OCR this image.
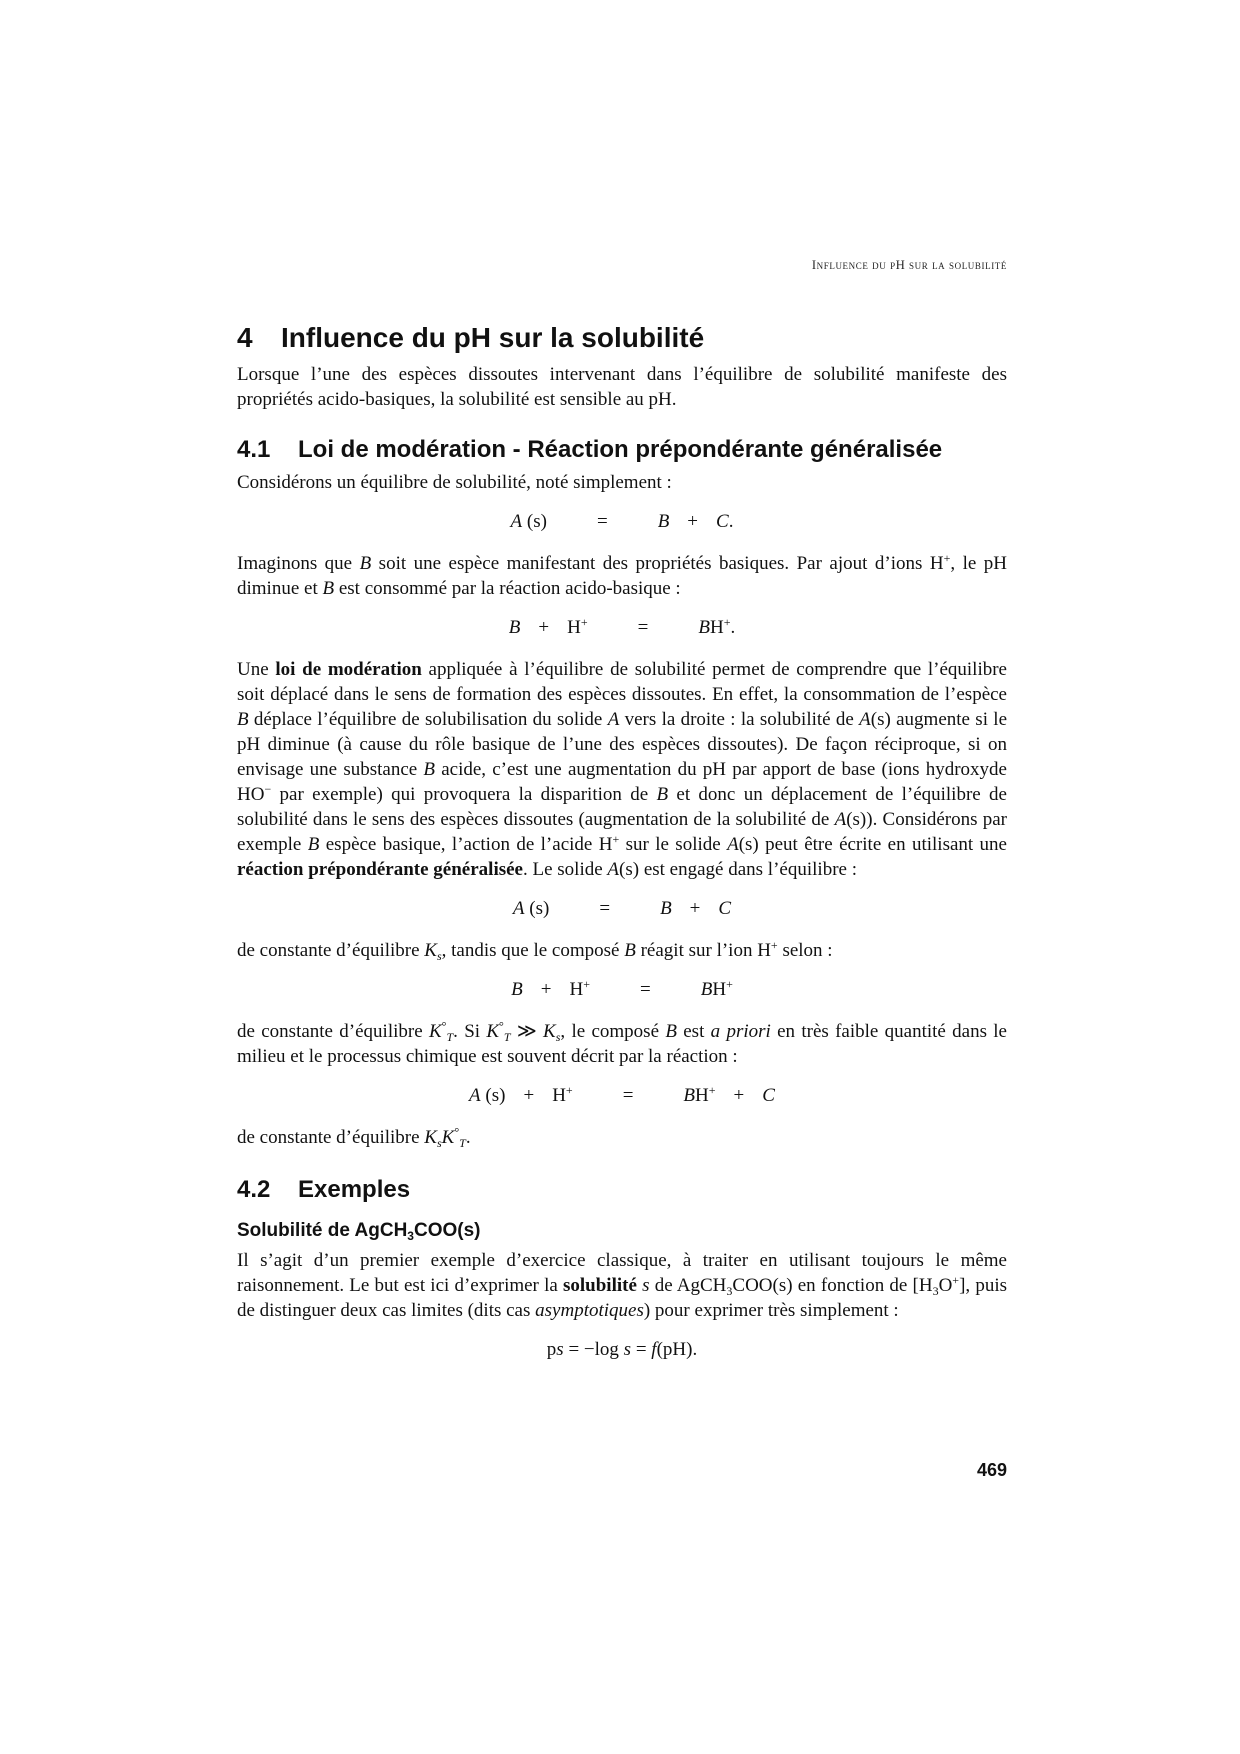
Influence du pH sur la solubilité
4 Influence du pH sur la solubilité

Lorsque l’une des espèces dissoutes intervenant dans l’équilibre de solubilité manifeste des propriétés acido-basiques, la solubilité est sensible au pH.

4.1 Loi de modération - Réaction prépondérante généralisée

Considérons un équilibre de solubilité, noté simplement :

A (s)	=	B + C.

Imaginons que B soit une espèce manifestant des propriétés basiques. Par ajout d’ions H+, le pH diminue et B est consommé par la réaction acido-basique :

B + H+	=	BH+.

Une loi de modération appliquée à l’équilibre de solubilité permet de comprendre que l’équilibre soit déplacé dans le sens de formation des espèces dissoutes. En effet, la consommation de l’espèce B déplace l’équilibre de solubilisation du solide A vers la droite : la solubilité de A(s) augmente si le pH diminue (à cause du rôle basique de l’une des espèces dissoutes). De façon réciproque, si on envisage une substance B acide, c’est une augmentation du pH par apport de base (ions hydroxyde HO− par exemple) qui provoquera la disparition de B et donc un déplacement de l’équilibre de solubilité dans le sens des espèces dissoutes (augmentation de la solubilité de A(s)). Considérons par exemple B espèce basique, l’action de l’acide H+ sur le solide A(s) peut être écrite en utilisant une réaction prépondérante généralisée. Le solide A(s) est engagé dans l’équilibre :

A (s)	=	B + C

de constante d’équilibre $K_s$, tandis que le composé B réagit sur l’ion H+ selon :

B + H+	=	BH+

de constante d’équilibre $K^\circ_T$. Si $K^\circ_T$ ≫ $K_s$, le composé B est a priori en très faible quantité dans le milieu et le processus chimique est souvent décrit par la réaction :

A (s) + H+	=	BH+ + C

de constante d’équilibre $K_sK^\circ_T$.

4.2 Exemples
Solubilité de AgCH$_3$COO(s)

Il s’agit d’un premier exemple d’exercice classique, à traiter en utilisant toujours le même raisonnement. Le but est ici d’exprimer la solubilité s de AgCH$_3$COO(s) en fonction de $[H_3O^+]$, puis de distinguer deux cas limites (dits cas asymptotiques) pour exprimer très simplement :

ps = −log s = f(pH).
469
